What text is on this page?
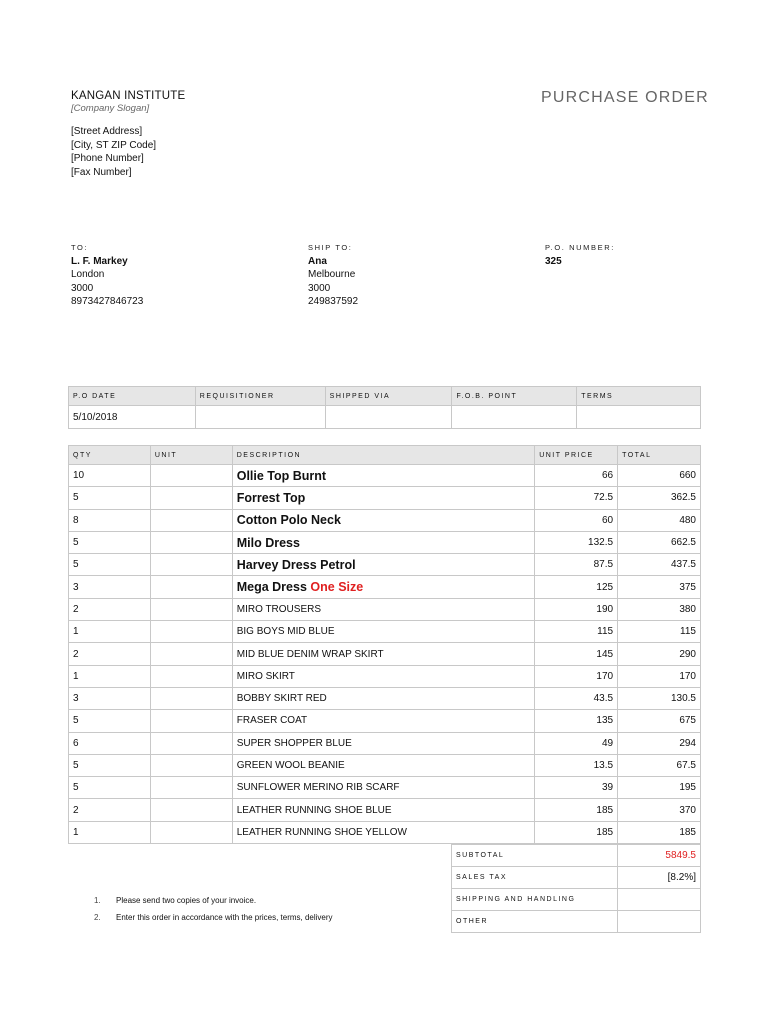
KANGAN INSTITUTE
[Company Slogan]
[Street Address]
[City, ST ZIP Code]
[Phone Number]
[Fax Number]
PURCHASE ORDER
TO:
L. F. Markey
London
3000
8973427846723
SHIP TO:
Ana
Melbourne
3000
249837592
P.O. NUMBER:
325
P.O DATE	REQUISITIONER	SHIPPED VIA	F.O.B. POINT	TERMS
5/10/2018				
QTY	UNIT	DESCRIPTION	UNIT PRICE	TOTAL
10		Ollie Top Burnt	66	660
5		Forrest Top	72.5	362.5
8		Cotton Polo Neck	60	480
5		Milo Dress	132.5	662.5
5		Harvey Dress Petrol	87.5	437.5
3		Mega Dress One Size	125	375
2		MIRO TROUSERS	190	380
1		BIG BOYS MID BLUE	115	115
2		MID BLUE DENIM WRAP SKIRT	145	290
1		MIRO SKIRT	170	170
3		BOBBY SKIRT RED	43.5	130.5
5		FRASER COAT	135	675
6		SUPER SHOPPER BLUE	49	294
5		GREEN WOOL BEANIE	13.5	67.5
5		SUNFLOWER MERINO RIB SCARF	39	195
2		LEATHER RUNNING SHOE BLUE	185	370
1		LEATHER RUNNING SHOE YELLOW	185	185
SUBTOTAL	5849.5
SALES TAX	[8.2%]
SHIPPING AND HANDLING	
OTHER	
1. Please send two copies of your invoice.
2. Enter this order in accordance with the prices, terms, delivery
